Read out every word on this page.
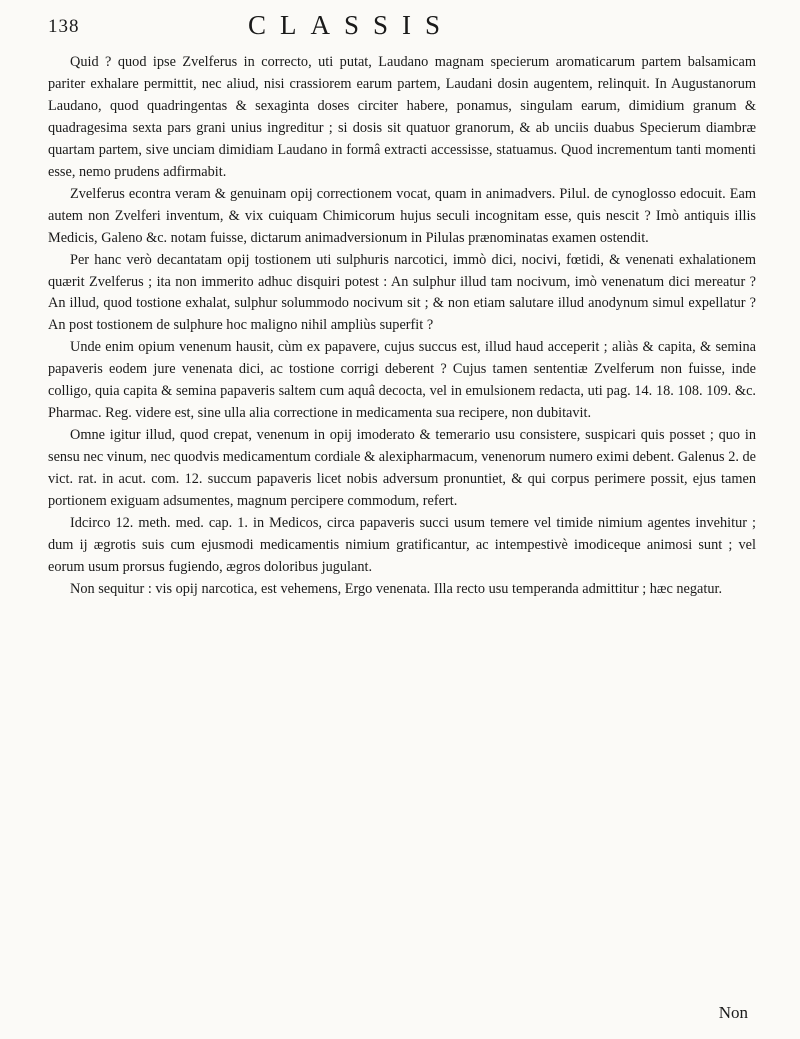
138	CLASSIS

Quid ? quod ipse Zvelferus in correcto, uti putat, Laudano magnam specierum aromaticarum partem balsamicam pariter exhalare permittit, nec aliud, nisi crassiorem earum partem, Laudani dosin augentem, relinquit. In Augustanorum Laudano, quod quadringentas & sexaginta doses circiter habere, ponamus, singulam earum, dimidium granum & quadragesima sexta pars grani unius ingreditur ; si dosis sit quatuor granorum, & ab unciis duabus Specierum diambræ quartam partem, sive unciam dimidiam Laudano in formâ extracti accessisse, statuamus. Quod incrementum tanti momenti esse, nemo prudens adfirmabit.

Zvelferus econtra veram & genuinam opij correctionem vocat, quam in animadvers. Pilul. de cynoglosso edocuit. Eam autem non Zvelferi inventum, & vix cuiquam Chimicorum hujus seculi incognitam esse, quis nescit ? Imò antiquis illis Medicis, Galeno &c. notam fuisse, dictarum animadversionum in Pilulas prænominatas examen ostendit.

Per hanc verò decantatam opij tostionem uti sulphuris narcotici, immò dici, nocivi, fœtidi, & venenati exhalationem quærit Zvelferus ; ita non immerito adhuc disquiri potest : An sulphur illud tam nocivum, imò venenatum dici mereatur ? An illud, quod tostione exhalat, sulphur solummodo nocivum sit ; & non etiam salutare illud anodynum simul expellatur ? An post tostionem de sulphure hoc maligno nihil ampliùs superfit ?

Unde enim opium venenum hausit, cùm ex papavere, cujus succus est, illud haud acceperit ; aliàs & capita, & semina papaveris eodem jure venenata dici, ac tostione corrigi deberent ? Cujus tamen sententiæ Zvelferum non fuisse, inde colligo, quia capita & semina papaveris saltem cum aquâ decocta, vel in emulsionem redacta, uti pag. 14. 18. 108. 109. &c. Pharmac. Reg. videre est, sine ulla alia correctione in medicamenta sua recipere, non dubitavit.

Omne igitur illud, quod crepat, venenum in opij imoderato & temerario usu consistere, suspicari quis posset ; quo in sensu nec vinum, nec quodvis medicamentum cordiale & alexipharmacum, venenorum numero eximi debent. Galenus 2. de vict. rat. in acut. com. 12. succum papaveris licet nobis adversum pronuntiet, & qui corpus perimere possit, ejus tamen portionem exiguam adsumentes, magnum percipere commodum, refert.

Idcirco 12. meth. med. cap. 1. in Medicos, circa papaveris succi usum temere vel timide nimium agentes invehitur ; dum ij ægrotis suis cum ejusmodi medicamentis nimium gratificantur, ac intempestivè imodiceque animosi sunt ; vel eorum usum prorsus fugiendo, ægros doloribus jugulant.

Non sequitur : vis opij narcotica, est vehemens, Ergo venenata. Illa recto usu temperanda admittitur ; hæc negatur.

Non
